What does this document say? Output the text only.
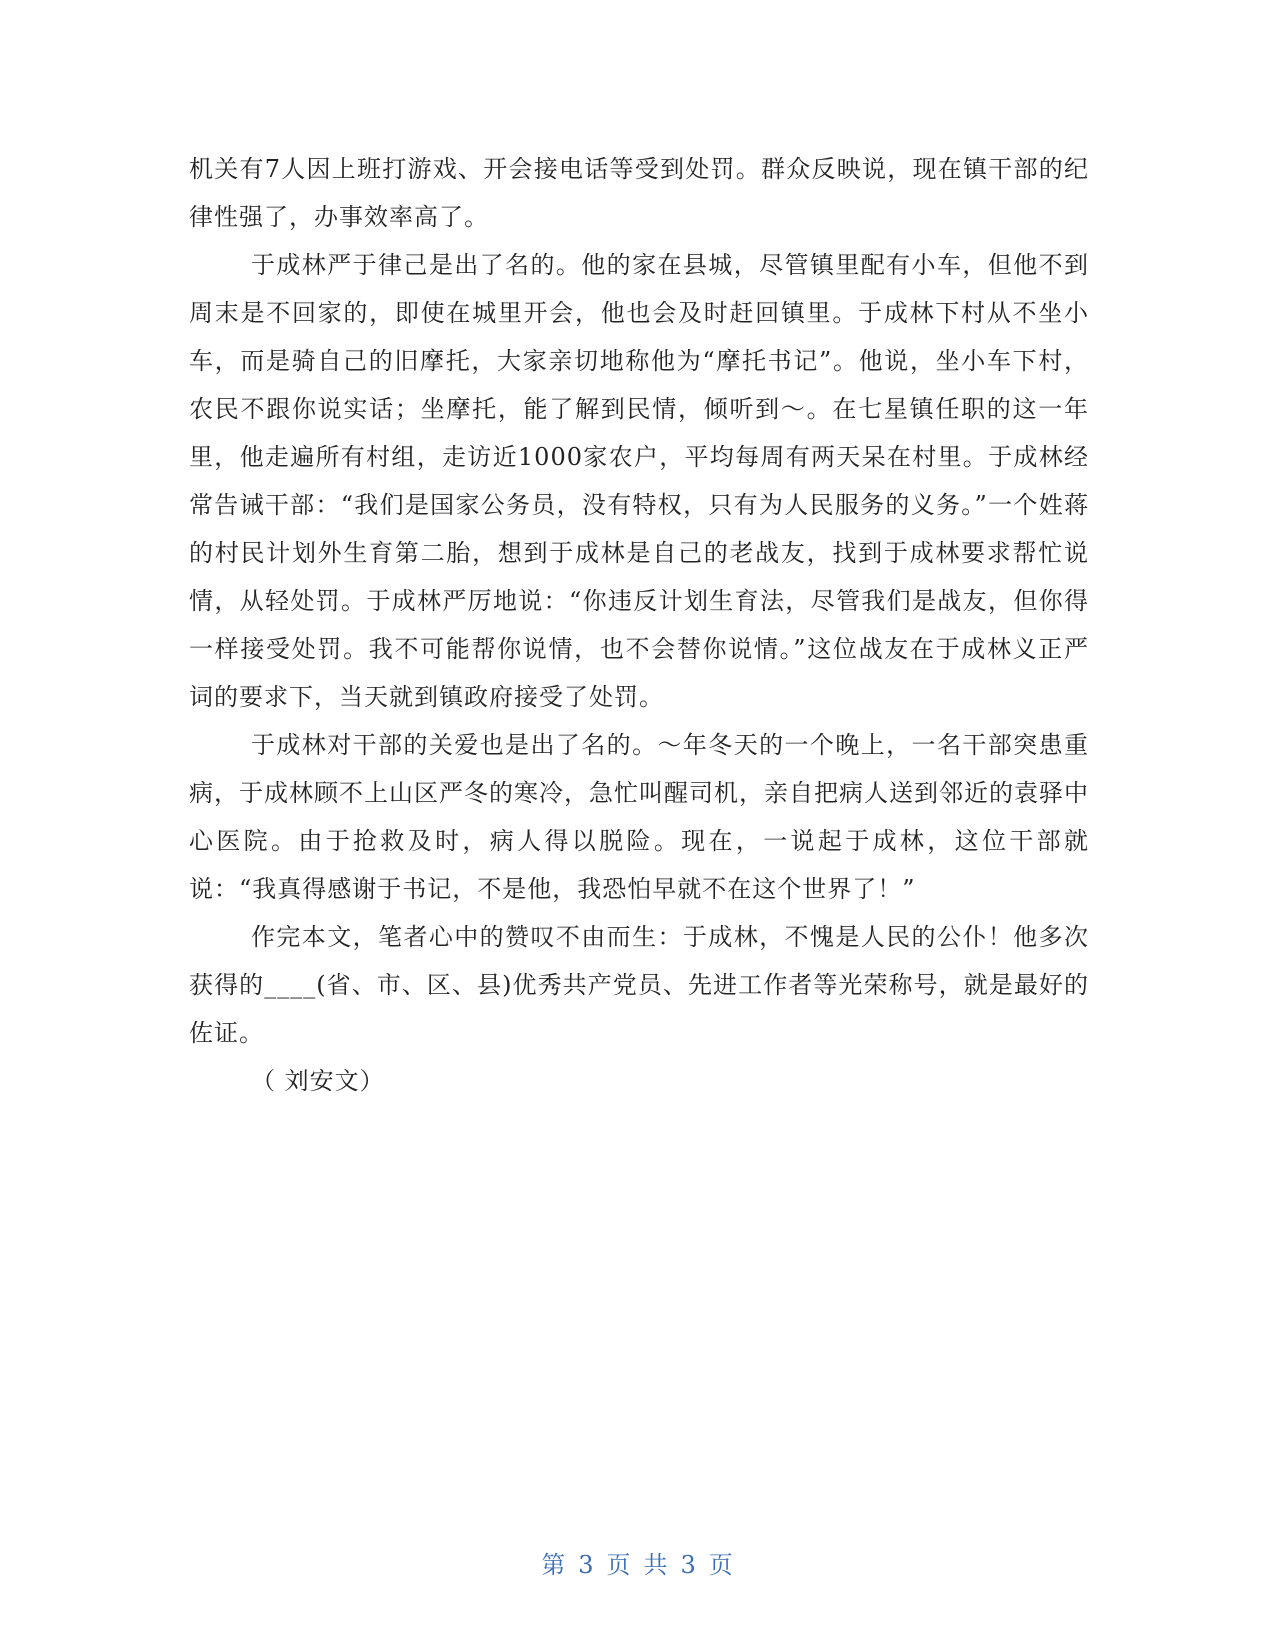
机关有7人因上班打游戏、开会接电话等受到处罚。群众反映说，现在镇干部的纪律性强了，办事效率高了。

于成林严于律己是出了名的。他的家在县城，尽管镇里配有小车，但他不到周末是不回家的，即使在城里开会，他也会及时赶回镇里。于成林下村从不坐小车，而是骑自己的旧摩托，大家亲切地称他为“摩托书记”。他说，坐小车下村，农民不跟你说实话；坐摩托，能了解到民情，倾听到～。在七星镇任职的这一年里，他走遍所有村组，走访近1000家农户，平均每周有两天呆在村里。于成林经常告诫干部：“我们是国家公务员，没有特权，只有为人民服务的义务。”一个姓蒋的村民计划外生育第二胎，想到于成林是自己的老战友，找到于成林要求帮忙说情，从轻处罚。于成林严厉地说：“你违反计划生育法，尽管我们是战友，但你得一样接受处罚。我不可能帮你说情，也不会替你说情。”这位战友在于成林义正严词的要求下，当天就到镇政府接受了处罚。

于成林对干部的关爱也是出了名的。～年冬天的一个晚上，一名干部突患重病，于成林顾不上山区严冬的寒冷，急忙叫醒司机，亲自把病人送到邻近的袁驿中心医院。由于抢救及时，病人得以脱险。现在，一说起于成林，这位干部就说：“我真得感谢于书记，不是他，我恐怕早就不在这个世界了！”

作完本文，笔者心中的赞叹不由而生：于成林，不愧是人民的公仆！他多次获得的____(省、市、区、县)优秀共产党员、先进工作者等光荣称号，就是最好的佐证。

（ 刘安文）

第 3 页 共 3 页
